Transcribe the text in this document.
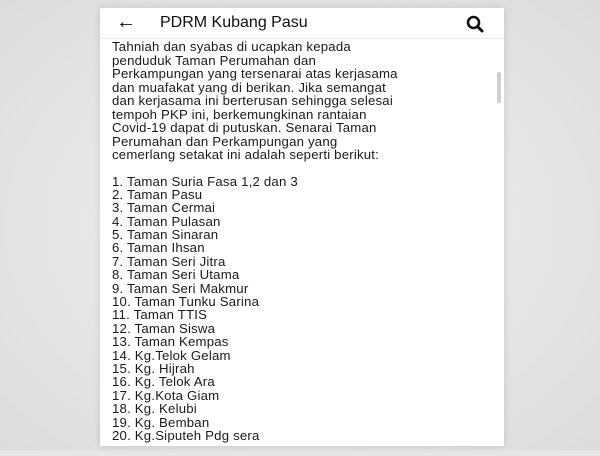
← PDRM Kubang Pasu

Tahniah dan syabas di ucapkan kepada
penduduk Taman Perumahan dan
Perkampungan yang tersenarai atas kerjasama
dan muafakat yang di berikan. Jika semangat
dan kerjasama ini berterusan sehingga selesai
tempoh PKP ini, berkemungkinan rantaian
Covid-19 dapat di putuskan. Senarai Taman
Perumahan dan Perkampungan yang
cemerlang setakat ini adalah seperti berikut:

1. Taman Suria Fasa 1,2 dan 3
2. Taman Pasu
3. Taman Cermai
4. Taman Pulasan
5. Taman Sinaran
6. Taman Ihsan
7. Taman Seri Jitra
8. Taman Seri Utama
9. Taman Seri Makmur
10. Taman Tunku Sarina
11. Taman TTIS
12. Taman Siswa
13. Taman Kempas
14. Kg.Telok Gelam
15. Kg. Hijrah
16. Kg. Telok Ara
17. Kg.Kota Giam
18. Kg. Kelubi
19. Kg. Bemban
20. Kg.Siputeh Pdg sera
